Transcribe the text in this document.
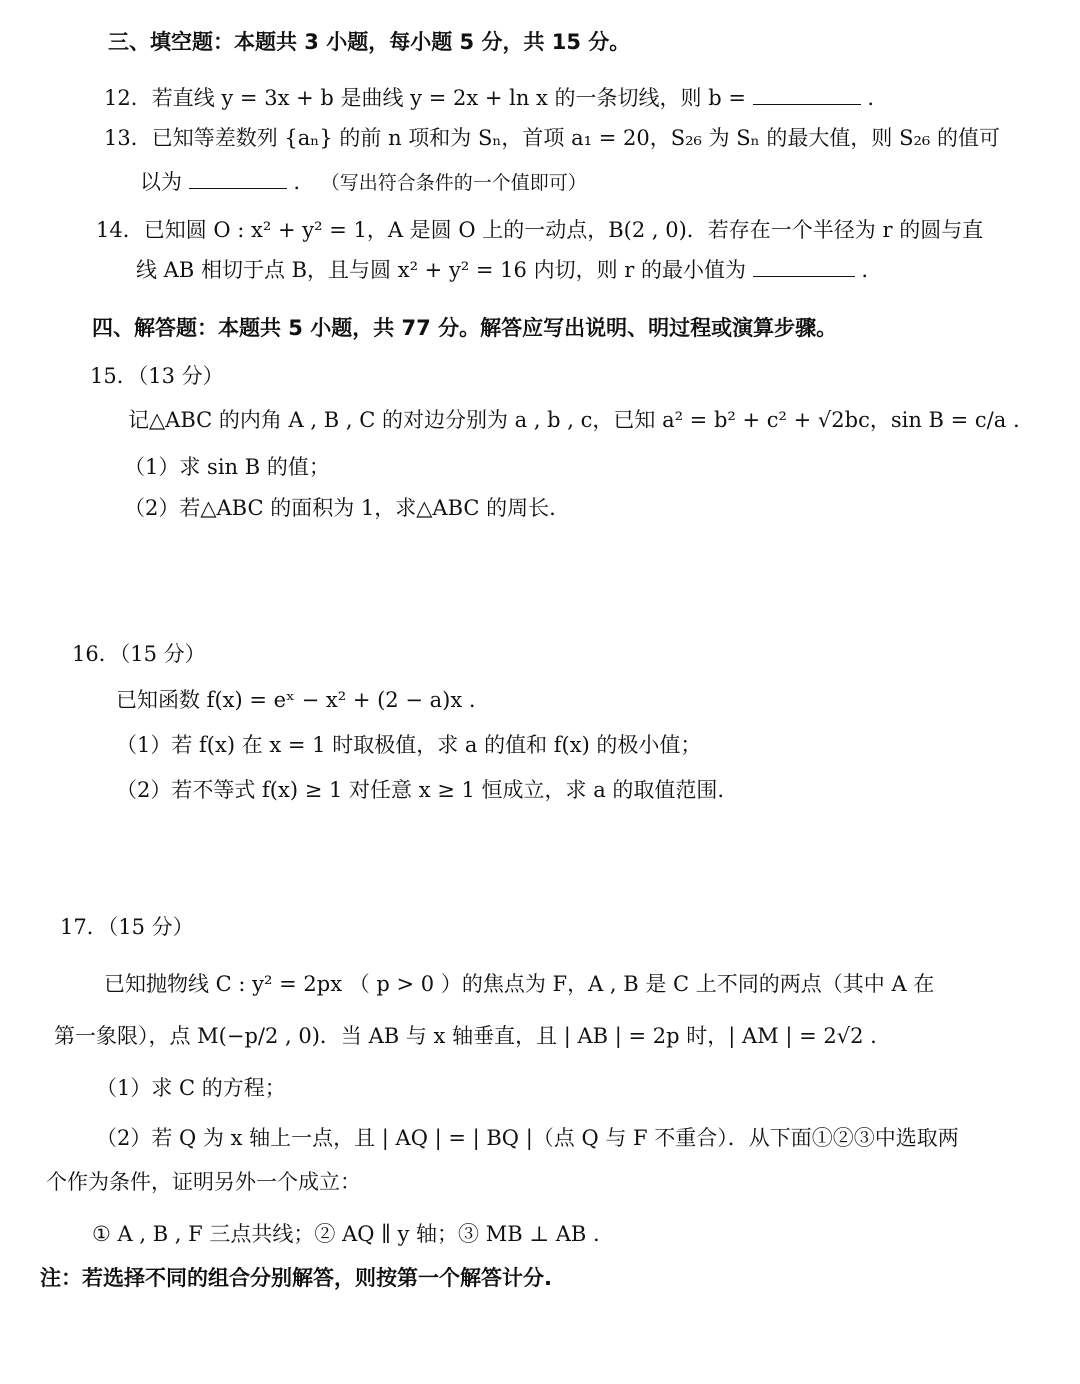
三、填空题：本题共 3 小题，每小题 5 分，共 15 分。
12．若直线 y = 3x + b 是曲线 y = 2x + ln x 的一条切线，则 b =	.
13．已知等差数列 {aₙ} 的前 n 项和为 Sₙ，首项 a₁ = 20，S₂₆ 为 Sₙ 的最大值，则 S₂₆ 的值可
以为	. （写出符合条件的一个值即可）
14．已知圆 O : x² + y² = 1，A 是圆 O 上的一动点，B(2 , 0)．若存在一个半径为 r 的圆与直
线 AB 相切于点 B，且与圆 x² + y² = 16 内切，则 r 的最小值为	.
四、解答题：本题共 5 小题，共 77 分。解答应写出说明、明过程或演算步骤。
15．（13 分）
记△ABC 的内角 A , B , C 的对边分别为 a , b , c，已知 a² = b² + c² + √2bc，sin B = c/a .
（1）求 sin B 的值；
（2）若△ABC 的面积为 1，求△ABC 的周长.
16．（15 分）
已知函数 f(x) = eˣ − x² + (2 − a)x .
（1）若 f(x) 在 x = 1 时取极值，求 a 的值和 f(x) 的极小值；
（2）若不等式 f(x) ≥ 1 对任意 x ≥ 1 恒成立，求 a 的取值范围.
17．（15 分）
已知抛物线 C : y² = 2px （ p > 0 ）的焦点为 F，A , B 是 C 上不同的两点（其中 A 在
第一象限），点 M(−p/2 , 0)．当 AB 与 x 轴垂直，且 | AB | = 2p 时，| AM | = 2√2 .
（1）求 C 的方程；
（2）若 Q 为 x 轴上一点，且 | AQ | = | BQ |（点 Q 与 F 不重合）．从下面①②③中选取两
个作为条件，证明另外一个成立：
① A , B , F 三点共线；② AQ ∥ y 轴；③ MB ⊥ AB .
注：若选择不同的组合分别解答，则按第一个解答计分.
